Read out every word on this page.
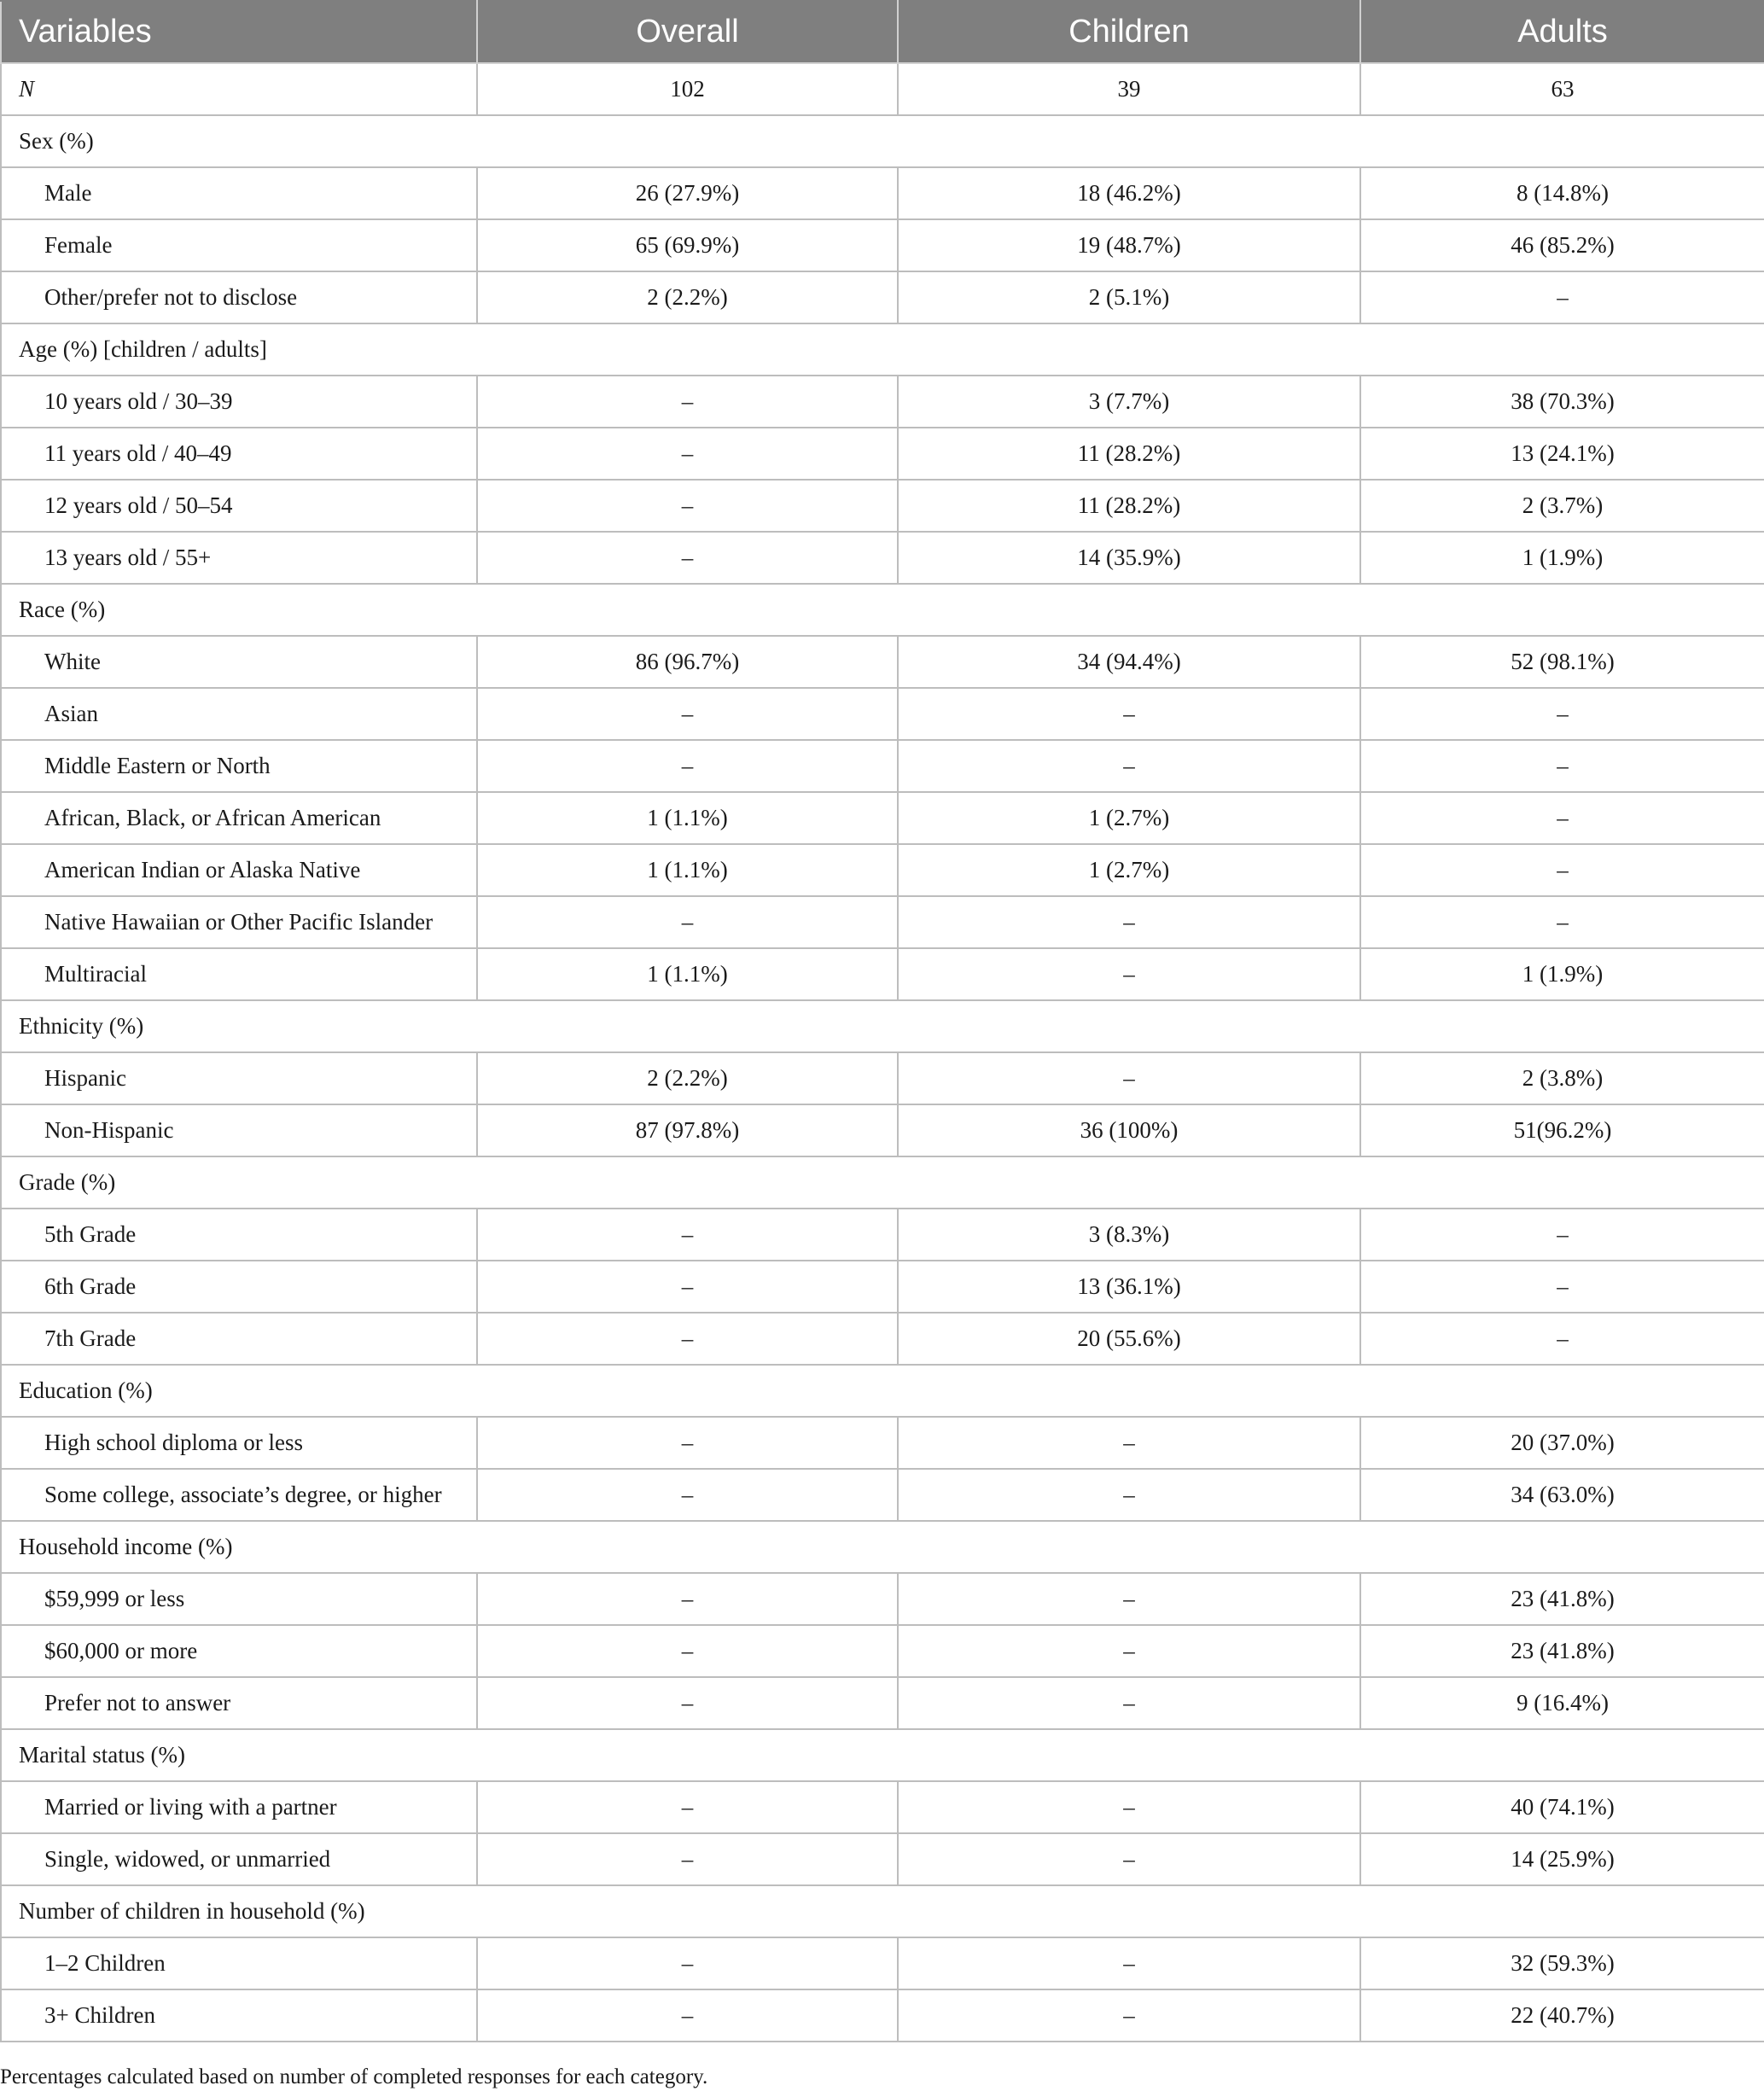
Variables	Overall	Children	Adults
N	102	39	63
Sex (%)			
Male	26 (27.9%)	18 (46.2%)	8 (14.8%)
Female	65 (69.9%)	19 (48.7%)	46 (85.2%)
Other/prefer not to disclose	2 (2.2%)	2 (5.1%)	–
Age (%) [children / adults]			
10 years old / 30–39	–	3 (7.7%)	38 (70.3%)
11 years old / 40–49	–	11 (28.2%)	13 (24.1%)
12 years old / 50–54	–	11 (28.2%)	2 (3.7%)
13 years old / 55+	–	14 (35.9%)	1 (1.9%)
Race (%)			
White	86 (96.7%)	34 (94.4%)	52 (98.1%)
Asian	–	–	–
Middle Eastern or North	–	–	–
African, Black, or African American	1 (1.1%)	1 (2.7%)	–
American Indian or Alaska Native	1 (1.1%)	1 (2.7%)	–
Native Hawaiian or Other Pacific Islander	–	–	–
Multiracial	1 (1.1%)	–	1 (1.9%)
Ethnicity (%)			
Hispanic	2 (2.2%)	–	2 (3.8%)
Non-Hispanic	87 (97.8%)	36 (100%)	51(96.2%)
Grade (%)			
5th Grade	–	3 (8.3%)	–
6th Grade	–	13 (36.1%)	–
7th Grade	–	20 (55.6%)	–
Education (%)			
High school diploma or less	–	–	20 (37.0%)
Some college, associate’s degree, or higher	–	–	34 (63.0%)
Household income (%)			
$59,999 or less	–	–	23 (41.8%)
$60,000 or more	–	–	23 (41.8%)
Prefer not to answer	–	–	9 (16.4%)
Marital status (%)			
Married or living with a partner	–	–	40 (74.1%)
Single, widowed, or unmarried	–	–	14 (25.9%)
Number of children in household (%)			
1–2 Children	–	–	32 (59.3%)
3+ Children	–	–	22 (40.7%)
Percentages calculated based on number of completed responses for each category.
